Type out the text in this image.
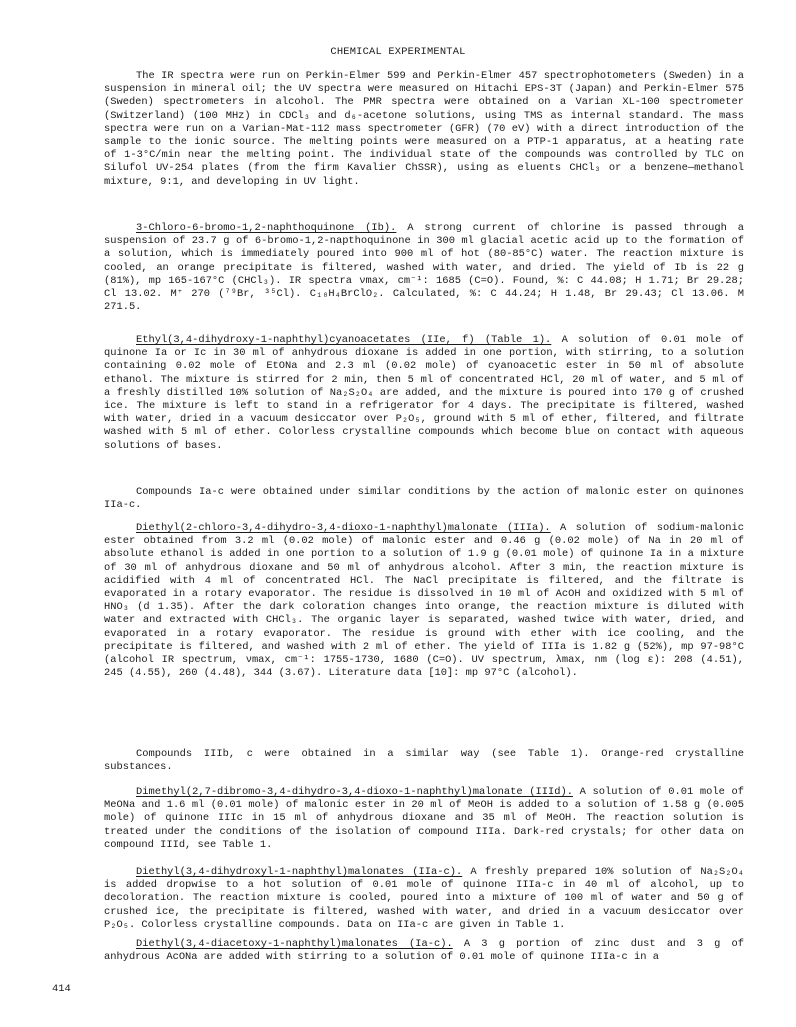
CHEMICAL EXPERIMENTAL

The IR spectra were run on Perkin-Elmer 599 and Perkin-Elmer 457 spectrophotometers (Sweden) in a suspension in mineral oil; the UV spectra were measured on Hitachi EPS-3T (Japan) and Perkin-Elmer 575 (Sweden) spectrometers in alcohol. The PMR spectra were obtained on a Varian XL-100 spectrometer (Switzerland) (100 MHz) in CDCl₃ and d₆-acetone solutions, using TMS as internal standard. The mass spectra were run on a Varian-Mat-112 mass spectrometer (GFR) (70 eV) with a direct introduction of the sample to the ionic source. The melting points were measured on a PTP-1 apparatus, at a heating rate of 1-3°C/min near the melting point. The individual state of the compounds was controlled by TLC on Silufol UV-254 plates (from the firm Kavalier ChSSR), using as eluents CHCl₃ or a benzene—methanol mixture, 9:1, and developing in UV light.

3-Chloro-6-bromo-1,2-naphthoquinone (Ib). A strong current of chlorine is passed through a suspension of 23.7 g of 6-bromo-1,2-napthoquinone in 300 ml glacial acetic acid up to the formation of a solution, which is immediately poured into 900 ml of hot (80-85°C) water. The reaction mixture is cooled, an orange precipitate is filtered, washed with water, and dried. The yield of Ib is 22 g (81%), mp 165-167°C (CHCl₃). IR spectra νmax, cm⁻¹: 1685 (C=O). Found, %: C 44.08; H 1.71; Br 29.28; Cl 13.02. M⁺ 270 (⁷⁹Br, ³⁵Cl). C₁₀H₄BrClO₂. Calculated, %: C 44.24; H 1.48, Br 29.43; Cl 13.06. M 271.5.

Ethyl(3,4-dihydroxy-1-naphthyl)cyanoacetates (IIe, f) (Table 1). A solution of 0.01 mole of quinone Ia or Ic in 30 ml of anhydrous dioxane is added in one portion, with stirring, to a solution containing 0.02 mole of EtONa and 2.3 ml (0.02 mole) of cyanoacetic ester in 50 ml of absolute ethanol. The mixture is stirred for 2 min, then 5 ml of concentrated HCl, 20 ml of water, and 5 ml of a freshly distilled 10% solution of Na₂S₂O₄ are added, and the mixture is poured into 170 g of crushed ice. The mixture is left to stand in a refrigerator for 4 days. The precipitate is filtered, washed with water, dried in a vacuum desiccator over P₂O₅, ground with 5 ml of ether, filtered, and filtrate washed with 5 ml of ether. Colorless crystalline compounds which become blue on contact with aqueous solutions of bases.

Compounds Ia-c were obtained under similar conditions by the action of malonic ester on quinones IIa-c.

Diethyl(2-chloro-3,4-dihydro-3,4-dioxo-1-naphthyl)malonate (IIIa). A solution of sodium-malonic ester obtained from 3.2 ml (0.02 mole) of malonic ester and 0.46 g (0.02 mole) of Na in 20 ml of absolute ethanol is added in one portion to a solution of 1.9 g (0.01 mole) of quinone Ia in a mixture of 30 ml of anhydrous dioxane and 50 ml of anhydrous alcohol. After 3 min, the reaction mixture is acidified with 4 ml of concentrated HCl. The NaCl precipitate is filtered, and the filtrate is evaporated in a rotary evaporator. The residue is dissolved in 10 ml of AcOH and oxidized with 5 ml of HNO₃ (d 1.35). After the dark coloration changes into orange, the reaction mixture is diluted with water and extracted with CHCl₃. The organic layer is separated, washed twice with water, dried, and evaporated in a rotary evaporator. The residue is ground with ether with ice cooling, and the precipitate is filtered, and washed with 2 ml of ether. The yield of IIIa is 1.82 g (52%), mp 97-98°C (alcohol IR spectrum, νmax, cm⁻¹: 1755-1730, 1680 (C=O). UV spectrum, λmax, nm (log ε): 208 (4.51), 245 (4.55), 260 (4.48), 344 (3.67). Literature data [10]: mp 97°C (alcohol).

Compounds IIIb, c were obtained in a similar way (see Table 1). Orange-red crystalline substances.

Dimethyl(2,7-dibromo-3,4-dihydro-3,4-dioxo-1-naphthyl)malonate (IIId). A solution of 0.01 mole of MeONa and 1.6 ml (0.01 mole) of malonic ester in 20 ml of MeOH is added to a solution of 1.58 g (0.005 mole) of quinone IIIc in 15 ml of anhydrous dioxane and 35 ml of MeOH. The reaction solution is treated under the conditions of the isolation of compound IIIa. Dark-red crystals; for other data on compound IIId, see Table 1.

Diethyl(3,4-dihydroxyl-1-naphthyl)malonates (IIa-c). A freshly prepared 10% solution of Na₂S₂O₄ is added dropwise to a hot solution of 0.01 mole of quinone IIIa-c in 40 ml of alcohol, up to decoloration. The reaction mixture is cooled, poured into a mixture of 100 ml of water and 50 g of crushed ice, the precipitate is filtered, washed with water, and dried in a vacuum desiccator over P₂O₅. Colorless crystalline compounds. Data on IIa-c are given in Table 1.

Diethyl(3,4-diacetoxy-1-naphthyl)malonates (Ia-c). A 3 g portion of zinc dust and 3 g of anhydrous AcONa are added with stirring to a solution of 0.01 mole of quinone IIIa-c in a

414
